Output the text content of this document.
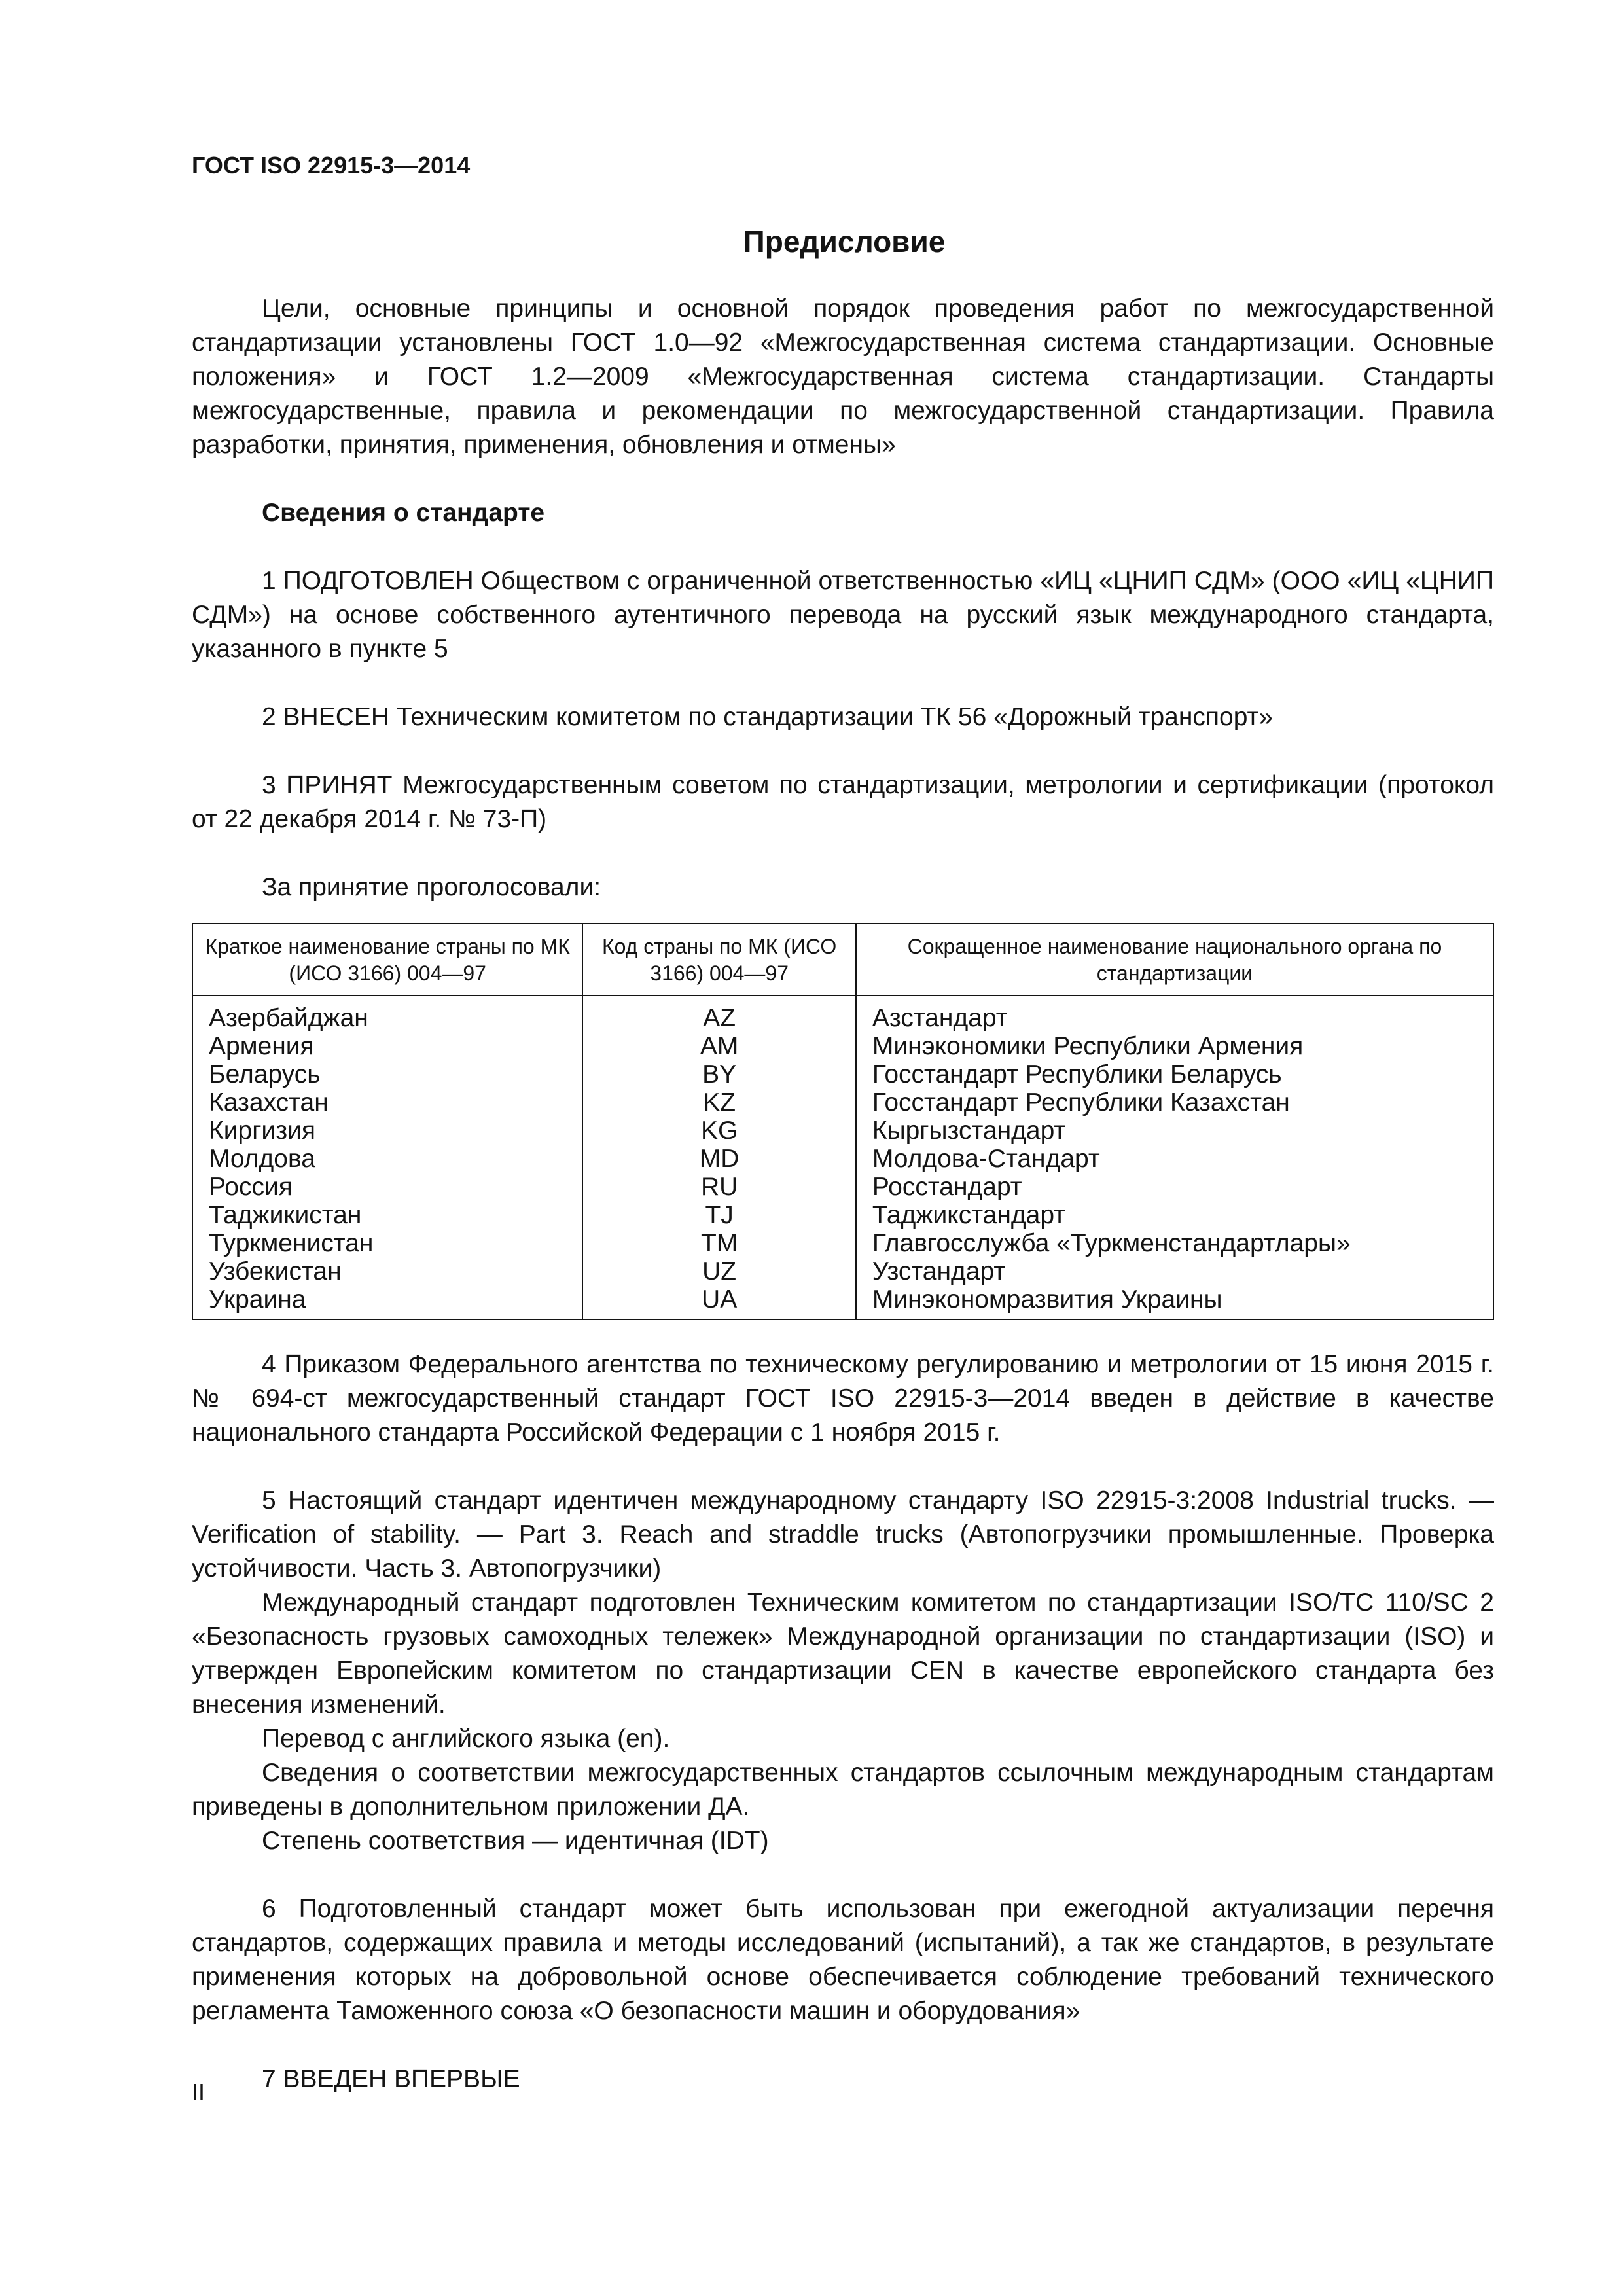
ГОСТ ISO 22915-3—2014
Предисловие

Цели, основные принципы и основной порядок проведения работ по межгосударственной стандартизации установлены ГОСТ 1.0—92 «Межгосударственная система стандартизации. Основные положения» и ГОСТ 1.2—2009 «Межгосударственная система стандартизации. Стандарты межгосударственные, правила и рекомендации по межгосударственной стандартизации. Правила разработки, принятия, применения, обновления и отмены»

Сведения о стандарте

1 ПОДГОТОВЛЕН Обществом с ограниченной ответственностью «ИЦ «ЦНИП СДМ» (ООО «ИЦ «ЦНИП СДМ») на основе собственного аутентичного перевода на русский язык международного стандарта, указанного в пункте 5

2 ВНЕСЕН Техническим комитетом по стандартизации ТК 56 «Дорожный транспорт»

3 ПРИНЯТ Межгосударственным советом по стандартизации, метрологии и сертификации (протокол от 22 декабря 2014 г. № 73-П)

За принятие проголосовали:

Краткое наименование страны по МК (ИСО 3166) 004—97	Код страны по МК (ИСО 3166) 004—97	Сокращенное наименование национального органа по стандартизации
Азербайджан	AZ	Азстандарт
Армения	AM	Минэкономики Республики Армения
Беларусь	BY	Госстандарт Республики Беларусь
Казахстан	KZ	Госстандарт Республики Казахстан
Киргизия	KG	Кыргызстандарт
Молдова	MD	Молдова-Стандарт
Россия	RU	Росстандарт
Таджикистан	TJ	Таджикстандарт
Туркменистан	TM	Главгосслужба «Туркменстандартлары»
Узбекистан	UZ	Узстандарт
Украина	UA	Минэкономразвития Украины

4 Приказом Федерального агентства по техническому регулированию и метрологии от 15 июня 2015 г. № 694-ст межгосударственный стандарт ГОСТ ISO 22915-3—2014 введен в действие в качестве национального стандарта Российской Федерации с 1 ноября 2015 г.

5 Настоящий стандарт идентичен международному стандарту ISO 22915-3:2008 Industrial trucks. — Verification of stability. — Part 3. Reach and straddle trucks (Автопогрузчики промышленные. Проверка устойчивости. Часть 3. Автопогрузчики)

Международный стандарт подготовлен Техническим комитетом по стандартизации ISO/TC 110/SC 2 «Безопасность грузовых самоходных тележек» Международной организации по стандартизации (ISO) и утвержден Европейским комитетом по стандартизации CEN в качестве европейского стандарта без внесения изменений.

Перевод с английского языка (en).

Сведения о соответствии межгосударственных стандартов ссылочным международным стандартам приведены в дополнительном приложении ДА.

Степень соответствия — идентичная (IDT)

6 Подготовленный стандарт может быть использован при ежегодной актуализации перечня стандартов, содержащих правила и методы исследований (испытаний), а так же стандартов, в результате применения которых на добровольной основе обеспечивается соблюдение требований технического регламента Таможенного союза «О безопасности машин и оборудования»

7 ВВЕДЕН ВПЕРВЫЕ

II
